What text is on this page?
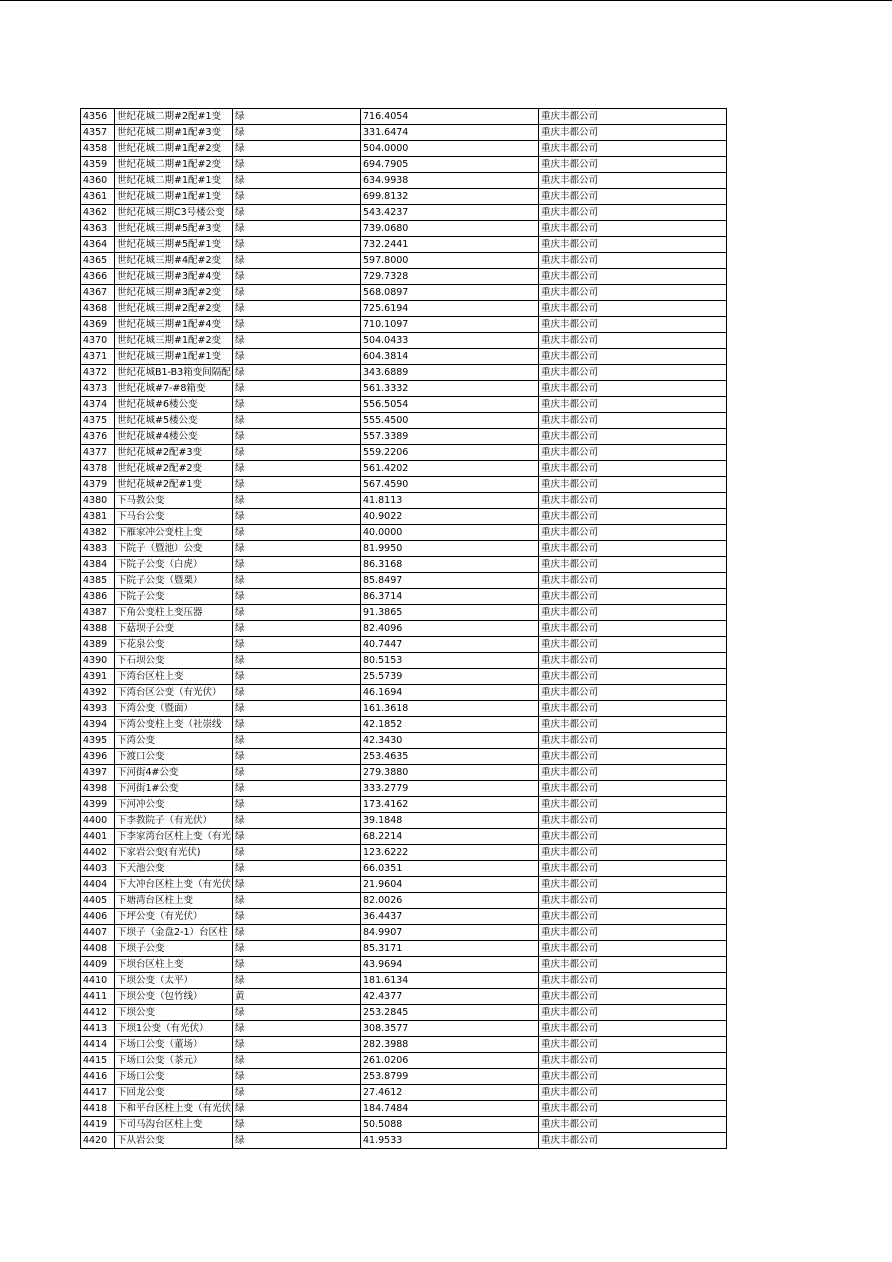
4356	世纪花城二期#2配#1变	绿	716.4054	重庆丰都公司
4357	世纪花城二期#1配#3变	绿	331.6474	重庆丰都公司
4358	世纪花城二期#1配#2变	绿	504.0000	重庆丰都公司
4359	世纪花城二期#1配#2变	绿	694.7905	重庆丰都公司
4360	世纪花城二期#1配#1变	绿	634.9938	重庆丰都公司
4361	世纪花城二期#1配#1变	绿	699.8132	重庆丰都公司
4362	世纪花城三期C3号楼公变	绿	543.4237	重庆丰都公司
4363	世纪花城三期#5配#3变	绿	739.0680	重庆丰都公司
4364	世纪花城三期#5配#1变	绿	732.2441	重庆丰都公司
4365	世纪花城三期#4配#2变	绿	597.8000	重庆丰都公司
4366	世纪花城三期#3配#4变	绿	729.7328	重庆丰都公司
4367	世纪花城三期#3配#2变	绿	568.0897	重庆丰都公司
4368	世纪花城三期#2配#2变	绿	725.6194	重庆丰都公司
4369	世纪花城三期#1配#4变	绿	710.1097	重庆丰都公司
4370	世纪花城三期#1配#2变	绿	504.0433	重庆丰都公司
4371	世纪花城三期#1配#1变	绿	604.3814	重庆丰都公司
4372	世纪花城B1-B3箱变间隔配	绿	343.6889	重庆丰都公司
4373	世纪花城#7-#8箱变	绿	561.3332	重庆丰都公司
4374	世纪花城#6楼公变	绿	556.5054	重庆丰都公司
4375	世纪花城#5楼公变	绿	555.4500	重庆丰都公司
4376	世纪花城#4楼公变	绿	557.3389	重庆丰都公司
4377	世纪花城#2配#3变	绿	559.2206	重庆丰都公司
4378	世纪花城#2配#2变	绿	561.4202	重庆丰都公司
4379	世纪花城#2配#1变	绿	567.4590	重庆丰都公司
4380	下马教公变	绿	41.8113	重庆丰都公司
4381	下马台公变	绿	40.9022	重庆丰都公司
4382	下雁家冲公变柱上变	绿	40.0000	重庆丰都公司
4383	下院子（暨池）公变	绿	81.9950	重庆丰都公司
4384	下院子公变（白虎）	绿	86.3168	重庆丰都公司
4385	下院子公变（暨栗）	绿	85.8497	重庆丰都公司
4386	下院子公变	绿	86.3714	重庆丰都公司
4387	下角公变柱上变压器	绿	91.3865	重庆丰都公司
4388	下菇坝子公变	绿	82.4096	重庆丰都公司
4389	下花泉公变	绿	40.7447	重庆丰都公司
4390	下石坝公变	绿	80.5153	重庆丰都公司
4391	下湾台区柱上变	绿	25.5739	重庆丰都公司
4392	下湾台区公变（有光伏）	绿	46.1694	重庆丰都公司
4393	下湾公变（暨面）	绿	161.3618	重庆丰都公司
4394	下湾公变柱上变（社崇线	绿	42.1852	重庆丰都公司
4395	下湾公变	绿	42.3430	重庆丰都公司
4396	下渡口公变	绿	253.4635	重庆丰都公司
4397	下河街4#公变	绿	279.3880	重庆丰都公司
4398	下河街1#公变	绿	333.2779	重庆丰都公司
4399	下河冲公变	绿	173.4162	重庆丰都公司
4400	下李教院子（有光伏）	绿	39.1848	重庆丰都公司
4401	下李家湾台区柱上变（有光	绿	68.2214	重庆丰都公司
4402	下家岩公变(有光伏)	绿	123.6222	重庆丰都公司
4403	下天池公变	绿	66.0351	重庆丰都公司
4404	下大冲台区柱上变（有光伏	绿	21.9604	重庆丰都公司
4405	下塘湾台区柱上变	绿	82.0026	重庆丰都公司
4406	下坪公变（有光伏）	绿	36.4437	重庆丰都公司
4407	下坝子（金盘2-1）台区柱	绿	84.9907	重庆丰都公司
4408	下坝子公变	绿	85.3171	重庆丰都公司
4409	下坝台区柱上变	绿	43.9694	重庆丰都公司
4410	下坝公变（太平）	绿	181.6134	重庆丰都公司
4411	下坝公变（包竹线）	黄	42.4377	重庆丰都公司
4412	下坝公变	绿	253.2845	重庆丰都公司
4413	下坝1公变（有光伏）	绿	308.3577	重庆丰都公司
4414	下场口公变（董场）	绿	282.3988	重庆丰都公司
4415	下场口公变（茶元）	绿	261.0206	重庆丰都公司
4416	下场口公变	绿	253.8799	重庆丰都公司
4417	下回龙公变	绿	27.4612	重庆丰都公司
4418	下和平台区柱上变（有光伏	绿	184.7484	重庆丰都公司
4419	下司马沟台区柱上变	绿	50.5088	重庆丰都公司
4420	下从岩公变	绿	41.9533	重庆丰都公司
